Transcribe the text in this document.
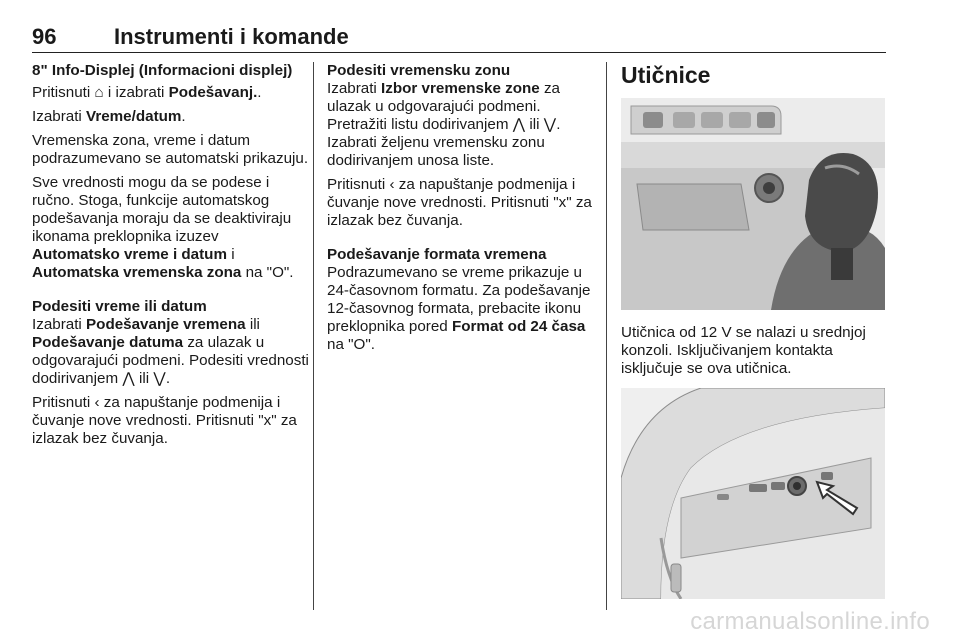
96	Instrumenti i komande
8" Info-Displej (Informacioni displej)

Pritisnuti ⌂ i izabrati Podešavanj..

Izabrati Vreme/datum.

Vremenska zona, vreme i datum podrazumevano se automatski prikazuju.

Sve vrednosti mogu da se podese i ručno. Stoga, funkcije automatskog podešavanja moraju da se deaktiviraju ikonama preklopnika izuzev Automatsko vreme i datum i Automatska vremenska zona na "O".

Podesiti vreme ili datum

Izabrati Podešavanje vremena ili Podešavanje datuma za ulazak u odgovarajući podmeni. Podesiti vrednosti dodirivanjem ⋀ ili ⋁.

Pritisnuti ‹ za napuštanje podmenija i čuvanje nove vrednosti. Pritisnuti "x" za izlazak bez čuvanja.

Podesiti vremensku zonu

Izabrati Izbor vremenske zone za ulazak u odgovarajući podmeni. Pretražiti listu dodirivanjem ⋀ ili ⋁. Izabrati željenu vremensku zonu dodirivanjem unosa liste.

Pritisnuti ‹ za napuštanje podmenija i čuvanje nove vrednosti. Pritisnuti "x" za izlazak bez čuvanja.

Podešavanje formata vremena

Podrazumevano se vreme prikazuje u 24-časovnom formatu. Za podešavanje 12-časovnog formata, prebacite ikonu preklopnika pored Format od 24 časa na "O".

Utičnice

Utičnica od 12 V se nalazi u srednjoj konzoli. Isključivanjem kontakta isključuje se ova utičnica.

carmanualsonline.info
